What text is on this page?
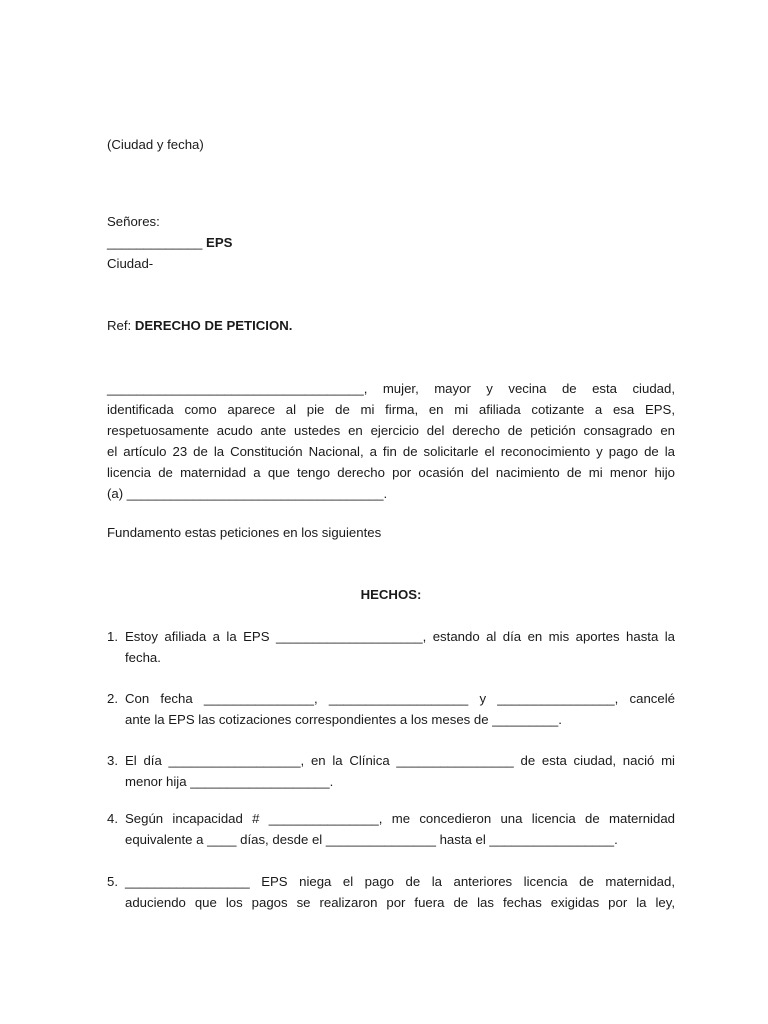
(Ciudad y fecha)
Señores:
_____________ EPS
Ciudad-
Ref: DERECHO DE PETICION.
___________________________________, mujer, mayor y vecina de esta ciudad,
identificada como aparece al pie de mi firma, en mi afiliada cotizante a esa EPS,
respetuosamente acudo ante ustedes en ejercicio del derecho de petición consagrado en
el artículo 23 de la Constitución Nacional, a fin de solicitarle el reconocimiento y pago de la
licencia de maternidad a que tengo derecho por ocasión del nacimiento de mi menor hijo
(a) ___________________________________.
Fundamento estas peticiones en los siguientes
HECHOS:
1. Estoy afiliada a la EPS ____________________, estando al día en mis aportes hasta la
fecha.
2. Con fecha _______________, ___________________ y ________________, cancelé
ante la EPS las cotizaciones correspondientes a los meses de _________.
3. El día __________________, en la Clínica ________________ de esta ciudad, nació mi
menor hija ___________________.
4. Según incapacidad # _______________, me concedieron una licencia de maternidad
equivalente a ____ días, desde el _______________ hasta el _________________.
5. _________________ EPS niega el pago de la anteriores licencia de maternidad,
aduciendo que los pagos se realizaron por fuera de las fechas exigidas por la ley,
